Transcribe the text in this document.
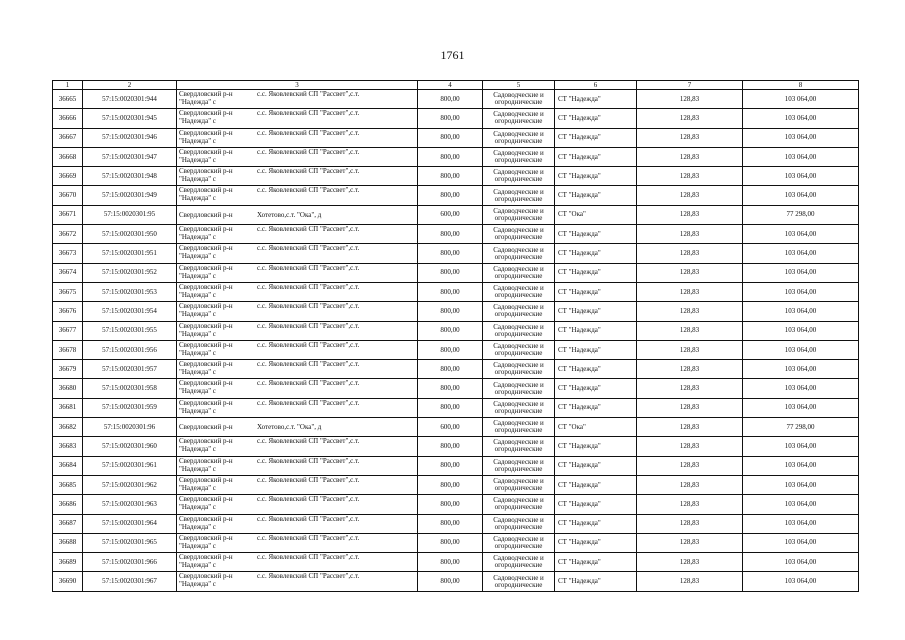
1761
1	2	3	4	5	6	7	8
36665	57:15:0020301:944	Свердловский р-н с.с. Яковлевский СП "Рассвет",с.т.
"Надежда" с	800,00	Садоводческие и огороднические	СТ "Надежда"	128,83	103 064,00
36666	57:15:0020301:945	Свердловский р-н с.с. Яковлевский СП "Рассвет",с.т.
"Надежда" с	800,00	Садоводческие и огороднические	СТ "Надежда"	128,83	103 064,00
36667	57:15:0020301:946	Свердловский р-н с.с. Яковлевский СП "Рассвет",с.т.
"Надежда" с	800,00	Садоводческие и огороднические	СТ "Надежда"	128,83	103 064,00
36668	57:15:0020301:947	Свердловский р-н с.с. Яковлевский СП "Рассвет",с.т.
"Надежда" с	800,00	Садоводческие и огороднические	СТ "Надежда"	128,83	103 064,00
36669	57:15:0020301:948	Свердловский р-н с.с. Яковлевский СП "Рассвет",с.т.
"Надежда" с	800,00	Садоводческие и огороднические	СТ "Надежда"	128,83	103 064,00
36670	57:15:0020301:949	Свердловский р-н с.с. Яковлевский СП "Рассвет",с.т.
"Надежда" с	800,00	Садоводческие и огороднические	СТ "Надежда"	128,83	103 064,00
36671	57:15:0020301:95	Свердловский р-н Хотетово,с.т. "Ока", д	600,00	Садоводческие и огороднические	СТ "Ока"	128,83	77 298,00
36672	57:15:0020301:950	Свердловский р-н с.с. Яковлевский СП "Рассвет",с.т.
"Надежда" с	800,00	Садоводческие и огороднические	СТ "Надежда"	128,83	103 064,00
36673	57:15:0020301:951	Свердловский р-н с.с. Яковлевский СП "Рассвет",с.т.
"Надежда" с	800,00	Садоводческие и огороднические	СТ "Надежда"	128,83	103 064,00
36674	57:15:0020301:952	Свердловский р-н с.с. Яковлевский СП "Рассвет",с.т.
"Надежда" с	800,00	Садоводческие и огороднические	СТ "Надежда"	128,83	103 064,00
36675	57:15:0020301:953	Свердловский р-н с.с. Яковлевский СП "Рассвет",с.т.
"Надежда" с	800,00	Садоводческие и огороднические	СТ "Надежда"	128,83	103 064,00
36676	57:15:0020301:954	Свердловский р-н с.с. Яковлевский СП "Рассвет",с.т.
"Надежда" с	800,00	Садоводческие и огороднические	СТ "Надежда"	128,83	103 064,00
36677	57:15:0020301:955	Свердловский р-н с.с. Яковлевский СП "Рассвет",с.т.
"Надежда" с	800,00	Садоводческие и огороднические	СТ "Надежда"	128,83	103 064,00
36678	57:15:0020301:956	Свердловский р-н с.с. Яковлевский СП "Рассвет",с.т.
"Надежда" с	800,00	Садоводческие и огороднические	СТ "Надежда"	128,83	103 064,00
36679	57:15:0020301:957	Свердловский р-н с.с. Яковлевский СП "Рассвет",с.т.
"Надежда" с	800,00	Садоводческие и огороднические	СТ "Надежда"	128,83	103 064,00
36680	57:15:0020301:958	Свердловский р-н с.с. Яковлевский СП "Рассвет",с.т.
"Надежда" с	800,00	Садоводческие и огороднические	СТ "Надежда"	128,83	103 064,00
36681	57:15:0020301:959	Свердловский р-н с.с. Яковлевский СП "Рассвет",с.т.
"Надежда" с	800,00	Садоводческие и огороднические	СТ "Надежда"	128,83	103 064,00
36682	57:15:0020301:96	Свердловский р-н Хотетово,с.т. "Ока", д	600,00	Садоводческие и огороднические	СТ "Ока"	128,83	77 298,00
36683	57:15:0020301:960	Свердловский р-н с.с. Яковлевский СП "Рассвет",с.т.
"Надежда" с	800,00	Садоводческие и огороднические	СТ "Надежда"	128,83	103 064,00
36684	57:15:0020301:961	Свердловский р-н с.с. Яковлевский СП "Рассвет",с.т.
"Надежда" с	800,00	Садоводческие и огороднические	СТ "Надежда"	128,83	103 064,00
36685	57:15:0020301:962	Свердловский р-н с.с. Яковлевский СП "Рассвет",с.т.
"Надежда" с	800,00	Садоводческие и огороднические	СТ "Надежда"	128,83	103 064,00
36686	57:15:0020301:963	Свердловский р-н с.с. Яковлевский СП "Рассвет",с.т.
"Надежда" с	800,00	Садоводческие и огороднические	СТ "Надежда"	128,83	103 064,00
36687	57:15:0020301:964	Свердловский р-н с.с. Яковлевский СП "Рассвет",с.т.
"Надежда" с	800,00	Садоводческие и огороднические	СТ "Надежда"	128,83	103 064,00
36688	57:15:0020301:965	Свердловский р-н с.с. Яковлевский СП "Рассвет",с.т.
"Надежда" с	800,00	Садоводческие и огороднические	СТ "Надежда"	128,83	103 064,00
36689	57:15:0020301:966	Свердловский р-н с.с. Яковлевский СП "Рассвет",с.т.
"Надежда" с	800,00	Садоводческие и огороднические	СТ "Надежда"	128,83	103 064,00
36690	57:15:0020301:967	Свердловский р-н с.с. Яковлевский СП "Рассвет",с.т.
"Надежда" с	800,00	Садоводческие и огороднические	СТ "Надежда"	128,83	103 064,00
